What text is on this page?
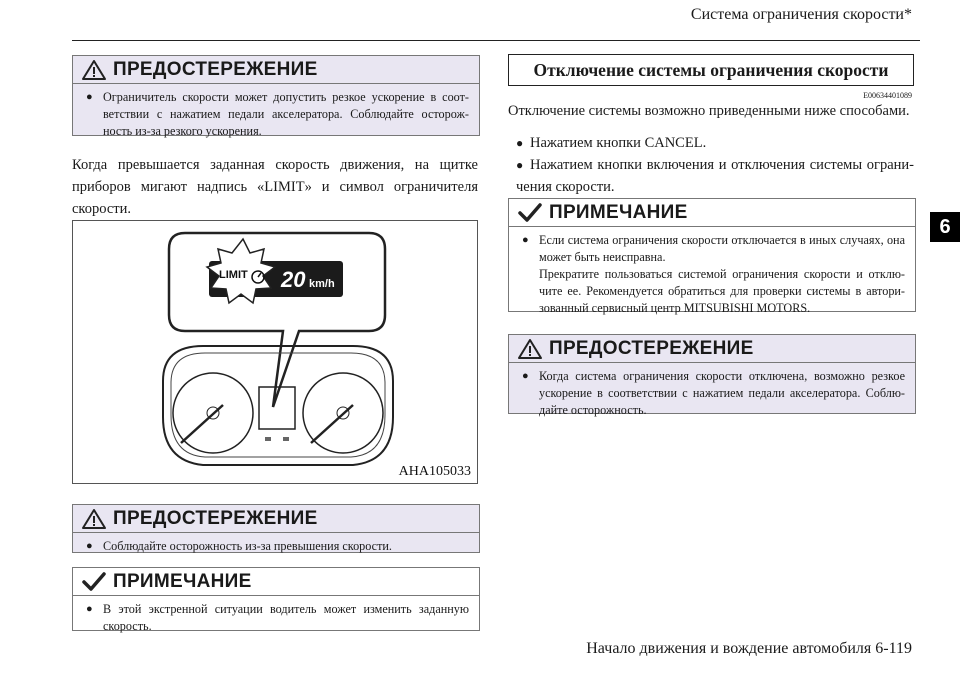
Система ограничения скорости*
6
ПРЕДОСТЕРЕЖЕНИЕ
● Ограничитель скорости может допустить резкое ускорение в соот-ветствии с нажатием педали акселератора. Соблюдайте осторож-ность из-за резкого ускорения.
Когда превышается заданная скорость движения, на щитке приборов мигают надпись «LIMIT» и символ ограничителя скорости.
LIMIT 20 km/h
AHA105033
ПРЕДОСТЕРЕЖЕНИЕ
● Соблюдайте осторожность из-за превышения скорости.
ПРИМЕЧАНИЕ
● В этой экстренной ситуации водитель может изменить заданную скорость.
Отключение системы ограничения скорости
E00634401089
Отключение системы возможно приведенными ниже способами.
● Нажатием кнопки CANCEL.
● Нажатием кнопки включения и отключения системы ограни-чения скорости.
ПРИМЕЧАНИЕ
● Если система ограничения скорости отключается в иных случаях, она может быть неисправна.
Прекратите пользоваться системой ограничения скорости и отклю-чите ее. Рекомендуется обратиться для проверки системы в автори-зованный сервисный центр MITSUBISHI MOTORS.
ПРЕДОСТЕРЕЖЕНИЕ
● Когда система ограничения скорости отключена, возможно резкое ускорение в соответствии с нажатием педали акселератора. Соблю-дайте осторожность.
Начало движения и вождение автомобиля 6-119
